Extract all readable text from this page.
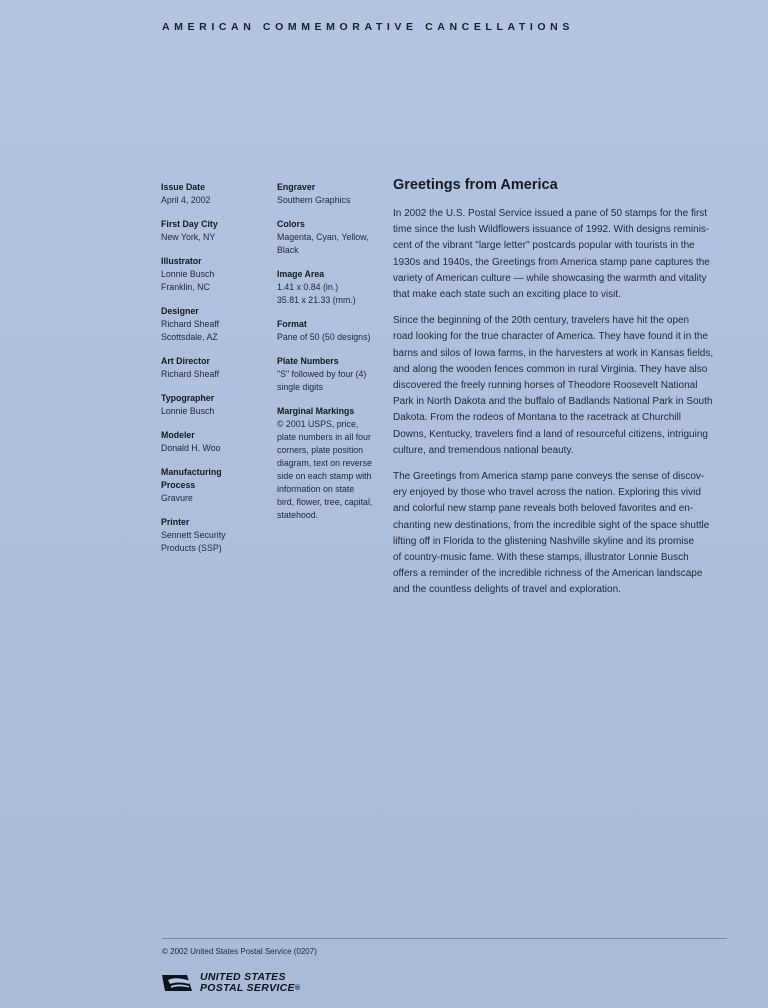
AMERICAN COMMEMORATIVE CANCELLATIONS
Issue Date
April 4, 2002
First Day City
New York, NY
Illustrator
Lonnie Busch
Franklin, NC
Designer
Richard Sheaff
Scottsdale, AZ
Art Director
Richard Sheaff
Typographer
Lonnie Busch
Modeler
Donald H. Woo
Manufacturing
Process
Gravure
Printer
Sennett Security
Products (SSP)
Engraver
Southern Graphics
Colors
Magenta, Cyan, Yellow,
Black
Image Area
1.41 x 0.84 (in.)
35.81 x 21.33 (mm.)
Format
Pane of 50 (50 designs)
Plate Numbers
"S" followed by four (4)
single digits
Marginal Markings
© 2001 USPS, price,
plate numbers in all four
corners, plate position
diagram, text on reverse
side on each stamp with
information on state
bird, flower, tree, capital,
statehood.
Greetings from America
In 2002 the U.S. Postal Service issued a pane of 50 stamps for the first
time since the lush Wildflowers issuance of 1992. With designs reminis-
cent of the vibrant "large letter" postcards popular with tourists in the
1930s and 1940s, the Greetings from America stamp pane captures the
variety of American culture — while showcasing the warmth and vitality
that make each state such an exciting place to visit.
Since the beginning of the 20th century, travelers have hit the open
road looking for the true character of America. They have found it in the
barns and silos of Iowa farms, in the harvesters at work in Kansas fields,
and along the wooden fences common in rural Virginia. They have also
discovered the freely running horses of Theodore Roosevelt National
Park in North Dakota and the buffalo of Badlands National Park in South
Dakota. From the rodeos of Montana to the racetrack at Churchill
Downs, Kentucky, travelers find a land of resourceful citizens, intriguing
culture, and tremendous national beauty.
The Greetings from America stamp pane conveys the sense of discov-
ery enjoyed by those who travel across the nation. Exploring this vivid
and colorful new stamp pane reveals both beloved favorites and en-
chanting new destinations, from the incredible sight of the space shuttle
lifting off in Florida to the glistening Nashville skyline and its promise
of country-music fame. With these stamps, illustrator Lonnie Busch
offers a reminder of the incredible richness of the American landscape
and the countless delights of travel and exploration.
© 2002 United States Postal Service (0207)
UNITED STATES
POSTAL SERVICE®
